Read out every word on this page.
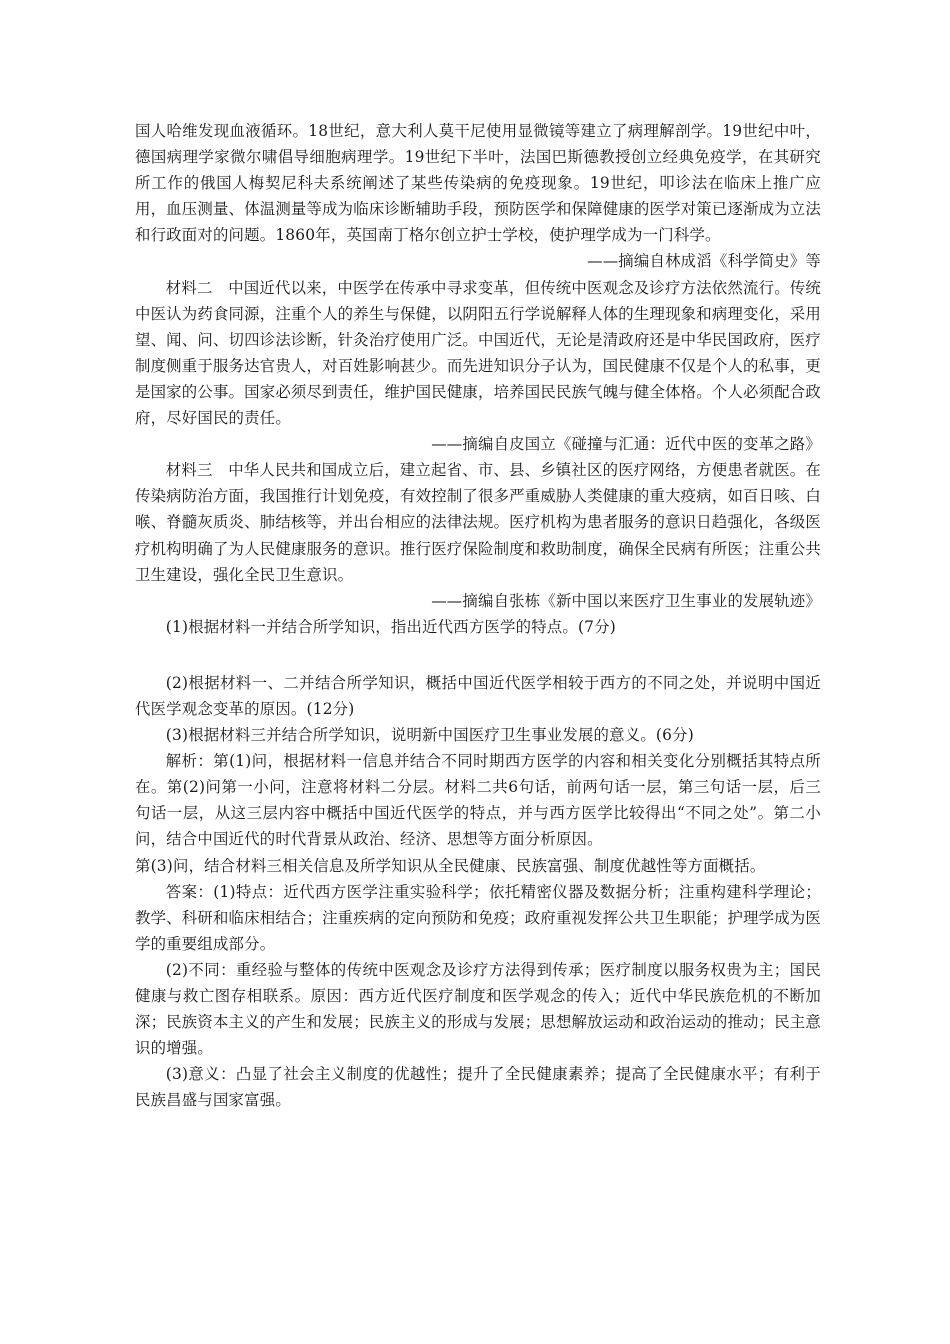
国人哈维发现血液循环。18世纪，意大利人莫干尼使用显微镜等建立了病理解剖学。19世纪中叶，德国病理学家微尔啸倡导细胞病理学。19世纪下半叶，法国巴斯德教授创立经典免疫学，在其研究所工作的俄国人梅契尼科夫系统阐述了某些传染病的免疫现象。19世纪，叩诊法在临床上推广应用，血压测量、体温测量等成为临床诊断辅助手段，预防医学和保障健康的医学对策已逐渐成为立法和行政面对的问题。1860年，英国南丁格尔创立护士学校，使护理学成为一门科学。

——摘编自林成滔《科学简史》等

材料二　中国近代以来，中医学在传承中寻求变革，但传统中医观念及诊疗方法依然流行。传统中医认为药食同源，注重个人的养生与保健，以阴阳五行学说解释人体的生理现象和病理变化，采用望、闻、问、切四诊法诊断，针灸治疗使用广泛。中国近代，无论是清政府还是中华民国政府，医疗制度侧重于服务达官贵人，对百姓影响甚少。而先进知识分子认为，国民健康不仅是个人的私事，更是国家的公事。国家必须尽到责任，维护国民健康，培养国民民族气魄与健全体格。个人必须配合政府，尽好国民的责任。

——摘编自皮国立《碰撞与汇通：近代中医的变革之路》

材料三　中华人民共和国成立后，建立起省、市、县、乡镇社区的医疗网络，方便患者就医。在传染病防治方面，我国推行计划免疫，有效控制了很多严重威胁人类健康的重大疫病，如百日咳、白喉、脊髓灰质炎、肺结核等，并出台相应的法律法规。医疗机构为患者服务的意识日趋强化，各级医疗机构明确了为人民健康服务的意识。推行医疗保险制度和救助制度，确保全民病有所医；注重公共卫生建设，强化全民卫生意识。

——摘编自张栋《新中国以来医疗卫生事业的发展轨迹》

(1)根据材料一并结合所学知识，指出近代西方医学的特点。(7分)

(2)根据材料一、二并结合所学知识，概括中国近代医学相较于西方的不同之处，并说明中国近代医学观念变革的原因。(12分)

(3)根据材料三并结合所学知识，说明新中国医疗卫生事业发展的意义。(6分)

解析：第(1)问，根据材料一信息并结合不同时期西方医学的内容和相关变化分别概括其特点所在。第(2)问第一小问，注意将材料二分层。材料二共6句话，前两句话一层，第三句话一层，后三句话一层，从这三层内容中概括中国近代医学的特点，并与西方医学比较得出“不同之处”。第二小问，结合中国近代的时代背景从政治、经济、思想等方面分析原因。

第(3)问，结合材料三相关信息及所学知识从全民健康、民族富强、制度优越性等方面概括。

答案：(1)特点：近代西方医学注重实验科学；依托精密仪器及数据分析；注重构建科学理论；教学、科研和临床相结合；注重疾病的定向预防和免疫；政府重视发挥公共卫生职能；护理学成为医学的重要组成部分。

(2)不同：重经验与整体的传统中医观念及诊疗方法得到传承；医疗制度以服务权贵为主；国民健康与救亡图存相联系。原因：西方近代医疗制度和医学观念的传入；近代中华民族危机的不断加深；民族资本主义的产生和发展；民族主义的形成与发展；思想解放运动和政治运动的推动；民主意识的增强。

(3)意义：凸显了社会主义制度的优越性；提升了全民健康素养；提高了全民健康水平；有利于民族昌盛与国家富强。
